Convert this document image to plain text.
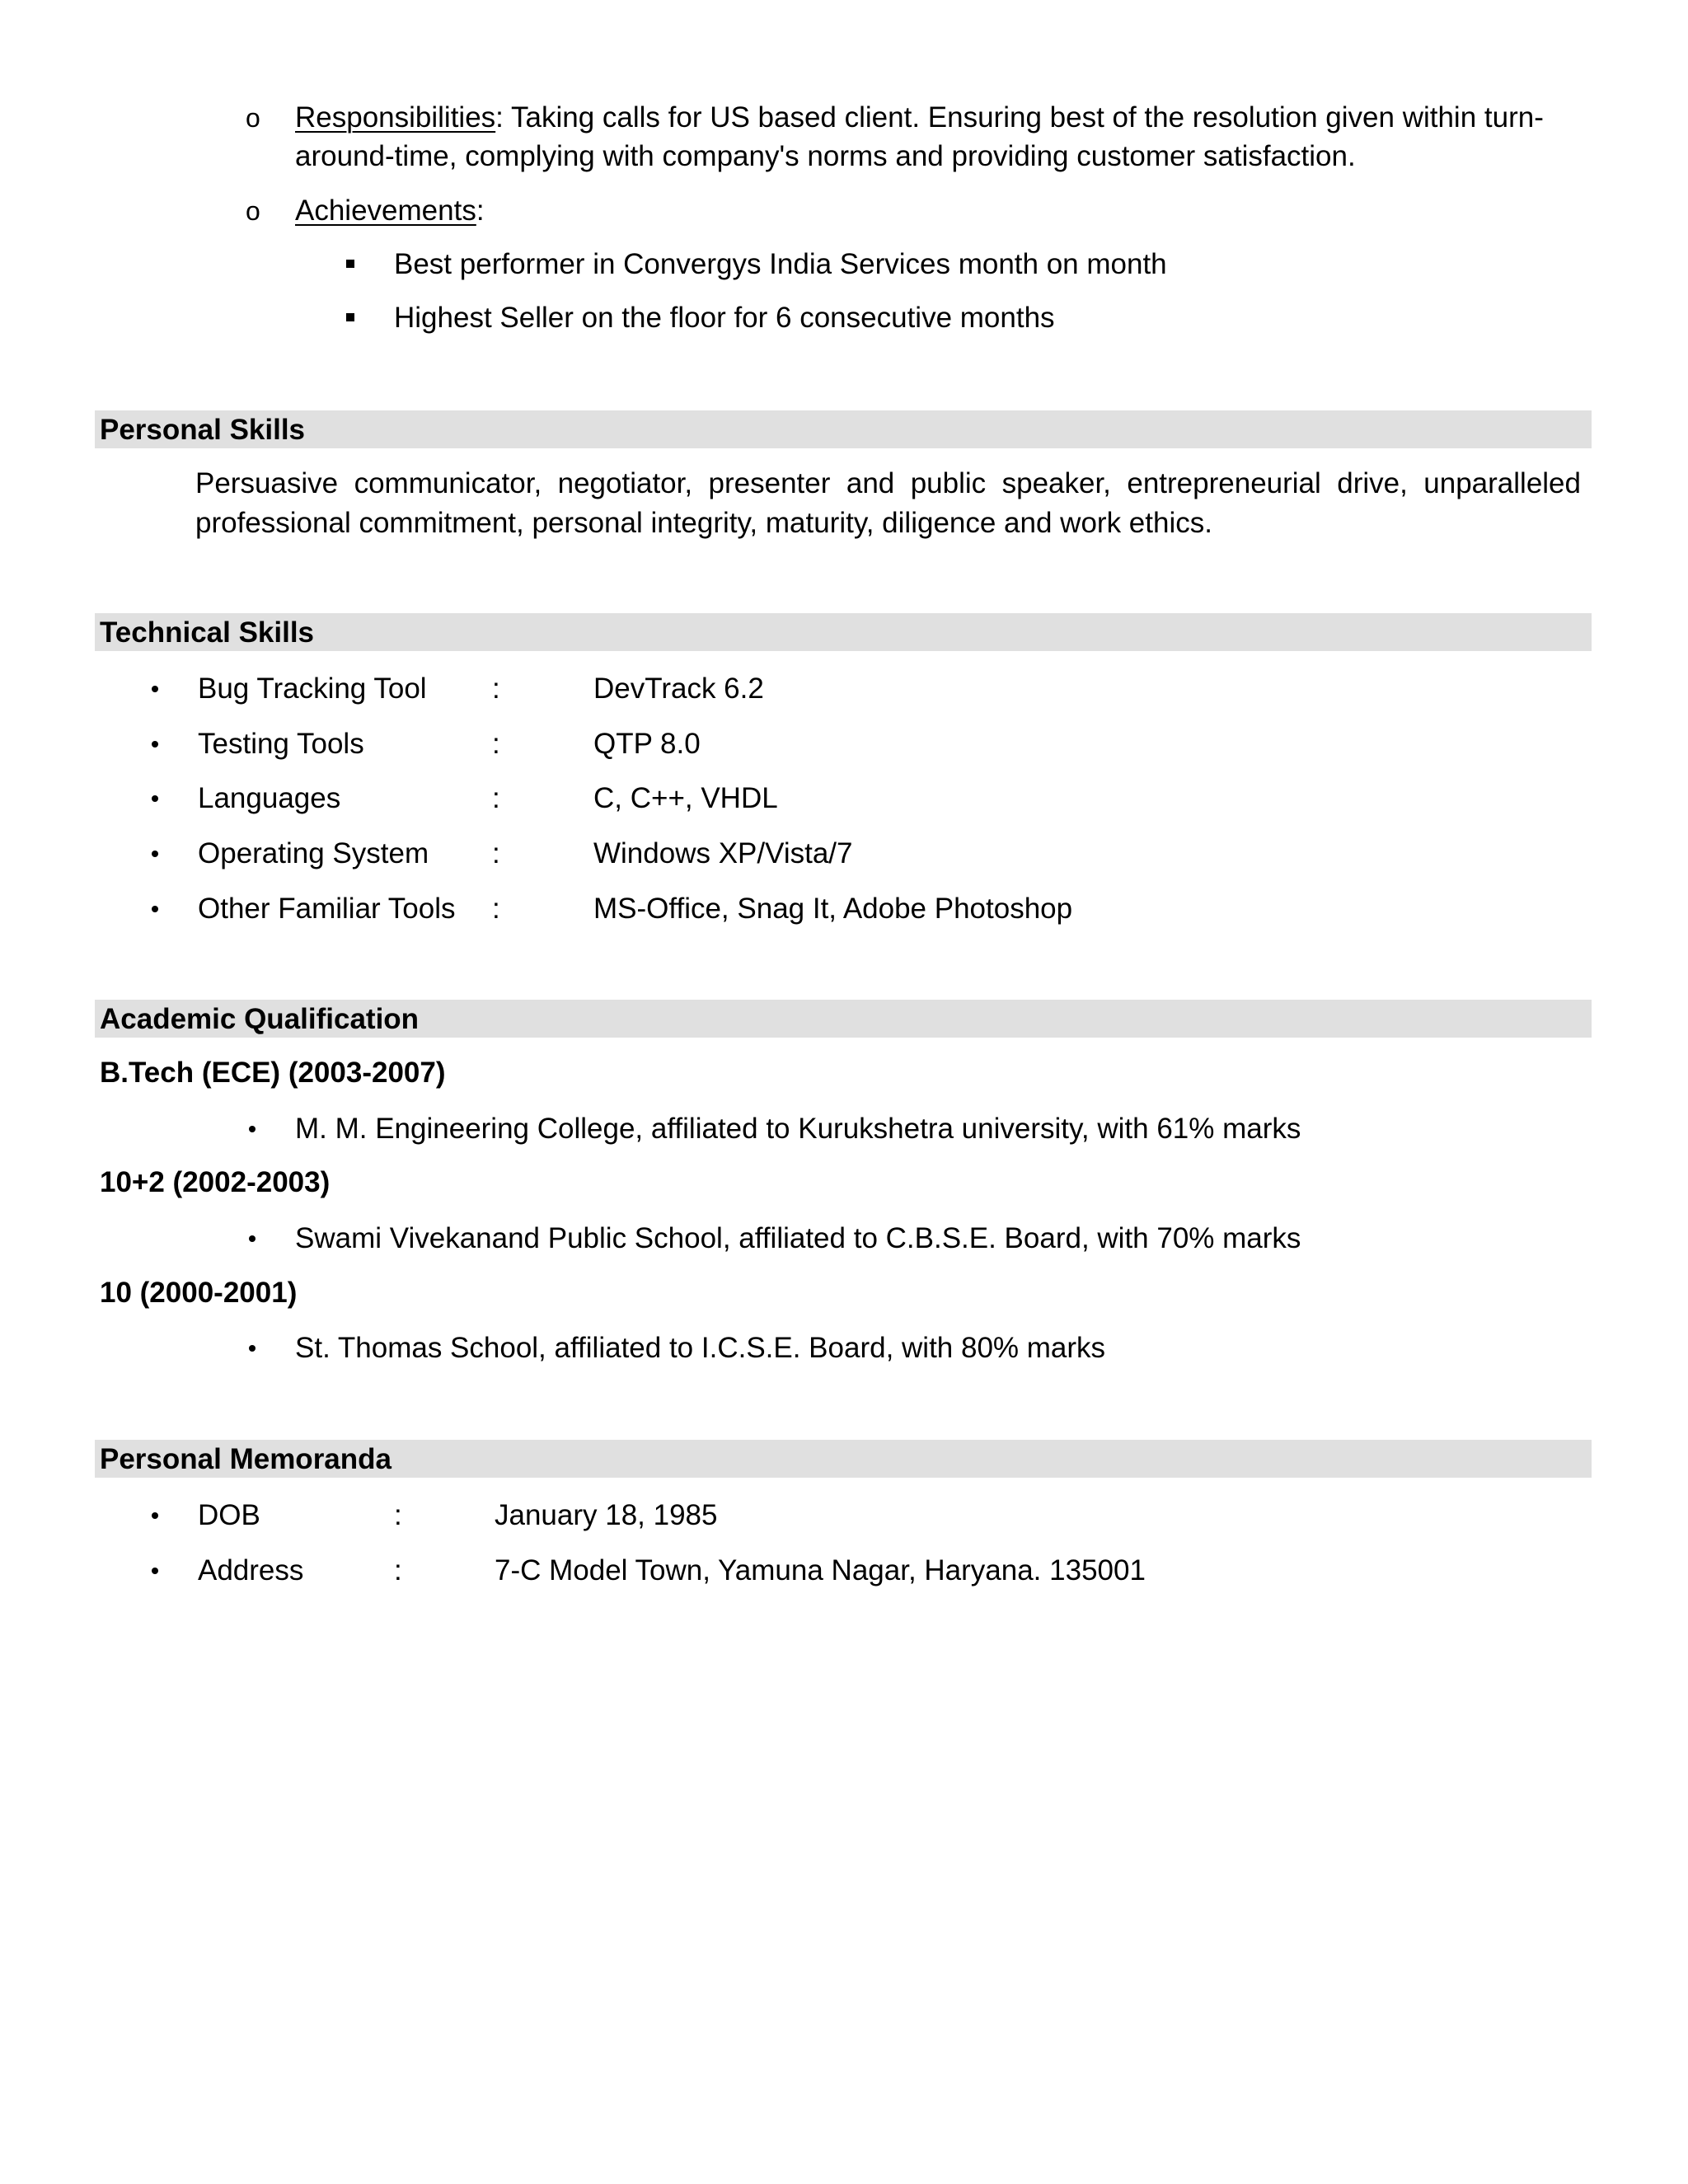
o Responsibilities: Taking calls for US based client. Ensuring best of the resolution given within turn-
around-time, complying with company's norms and providing customer satisfaction.
o Achievements:
Best performer in Convergys India Services month on month
Highest Seller on the floor for 6 consecutive months
Personal Skills
Persuasive communicator, negotiator, presenter and public speaker, entrepreneurial drive, unparalleled professional commitment, personal integrity, maturity, diligence and work ethics.
Technical Skills
Bug Tracking Tool :	DevTrack 6.2
Testing Tools	:	QTP 8.0
Languages	:	C, C++, VHDL
Operating System :	Windows XP/Vista/7
Other Familiar Tools :	MS-Office, Snag It, Adobe Photoshop
Academic Qualification
B.Tech (ECE) (2003-2007)
M. M. Engineering College, affiliated to Kurukshetra university, with 61% marks
10+2 (2002-2003)
Swami Vivekanand Public School, affiliated to C.B.S.E. Board, with 70% marks
10 (2000-2001)
St. Thomas School, affiliated to I.C.S.E. Board, with 80% marks
Personal Memoranda
DOB	:	January 18, 1985
Address	:	7-C Model Town, Yamuna Nagar, Haryana. 135001
